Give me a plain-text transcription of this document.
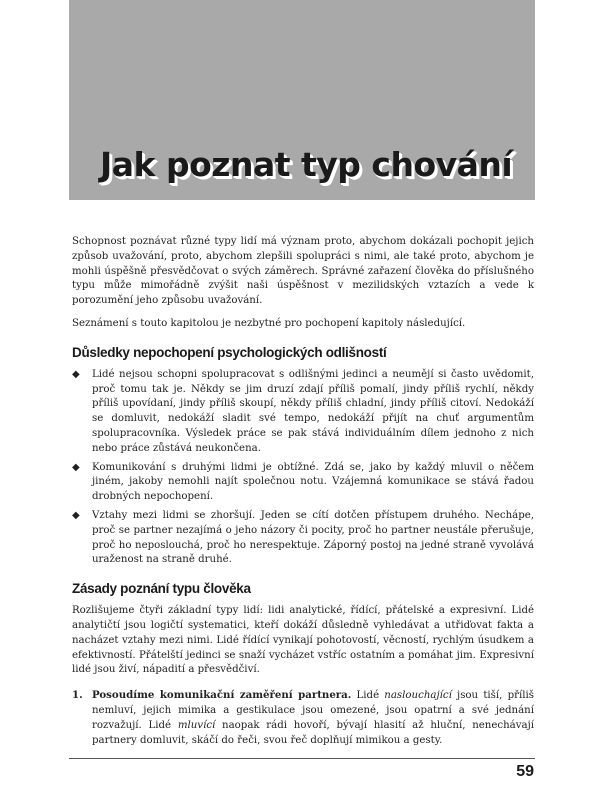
Jak poznat typ chování

Schopnost poznávat různé typy lidí má význam proto, abychom dokázali pochopit jejich způsob uvažování, proto, abychom zlepšili spolupráci s nimi, ale také proto, abychom je mohli úspěšně přesvědčovat o svých záměrech. Správné zařazení člověka do příslušného typu může mimořádně zvýšit naši úspěšnost v mezilidských vztazích a vede k porozumění jeho způsobu uvažování.

Seznámení s touto kapitolou je nezbytné pro pochopení kapitoly následující.

Důsledky nepochopení psychologických odlišností
◆ Lidé nejsou schopni spolupracovat s odlišnými jedinci a neumějí si často uvědomit, proč tomu tak je. Někdy se jim druzí zdají příliš pomalí, jindy příliš rychlí, někdy příliš upovídaní, jindy příliš skoupí, někdy příliš chladní, jindy příliš citoví. Nedokáží se domluvit, nedokáží sladit své tempo, nedokáží přijít na chuť argumentům spolupracovníka. Výsledek práce se pak stává individuálním dílem jednoho z nich nebo práce zůstává neukončena.
◆ Komunikování s druhými lidmi je obtížné. Zdá se, jako by každý mluvil o něčem jiném, jakoby nemohli najít společnou notu. Vzájemná komunikace se stává řadou drobných nepochopení.
◆ Vztahy mezi lidmi se zhoršují. Jeden se cítí dotčen přístupem druhého. Nechápe, proč se partner nezajímá o jeho názory či pocity, proč ho partner neustále přerušuje, proč ho neposlouchá, proč ho nerespektuje. Záporný postoj na jedné straně vyvolává uraženost na straně druhé.
Zásady poznání typu člověka

Rozlišujeme čtyři základní typy lidí: lidi analytické, řídící, přátelské a expresivní. Lidé analytičtí jsou logičtí systematici, kteří dokáží důsledně vyhledávat a utřiďovat fakta a nacházet vztahy mezi nimi. Lidé řídící vynikají pohotovostí, věcností, rychlým úsudkem a efektivností. Přátelští jedinci se snaží vycházet vstříc ostatním a pomáhat jim. Expresivní lidé jsou živí, nápadití a přesvědčiví.

1. Posoudíme komunikační zaměření partnera. Lidé naslouchající jsou tiší, příliš nemluví, jejich mimika a gestikulace jsou omezené, jsou opatrní a své jednání rozvažují. Lidé mluvící naopak rádi hovoří, bývají hlasití až hluční, nenechávají partnery domluvit, skáčí do řeči, svou řeč doplňují mimikou a gesty.

59
